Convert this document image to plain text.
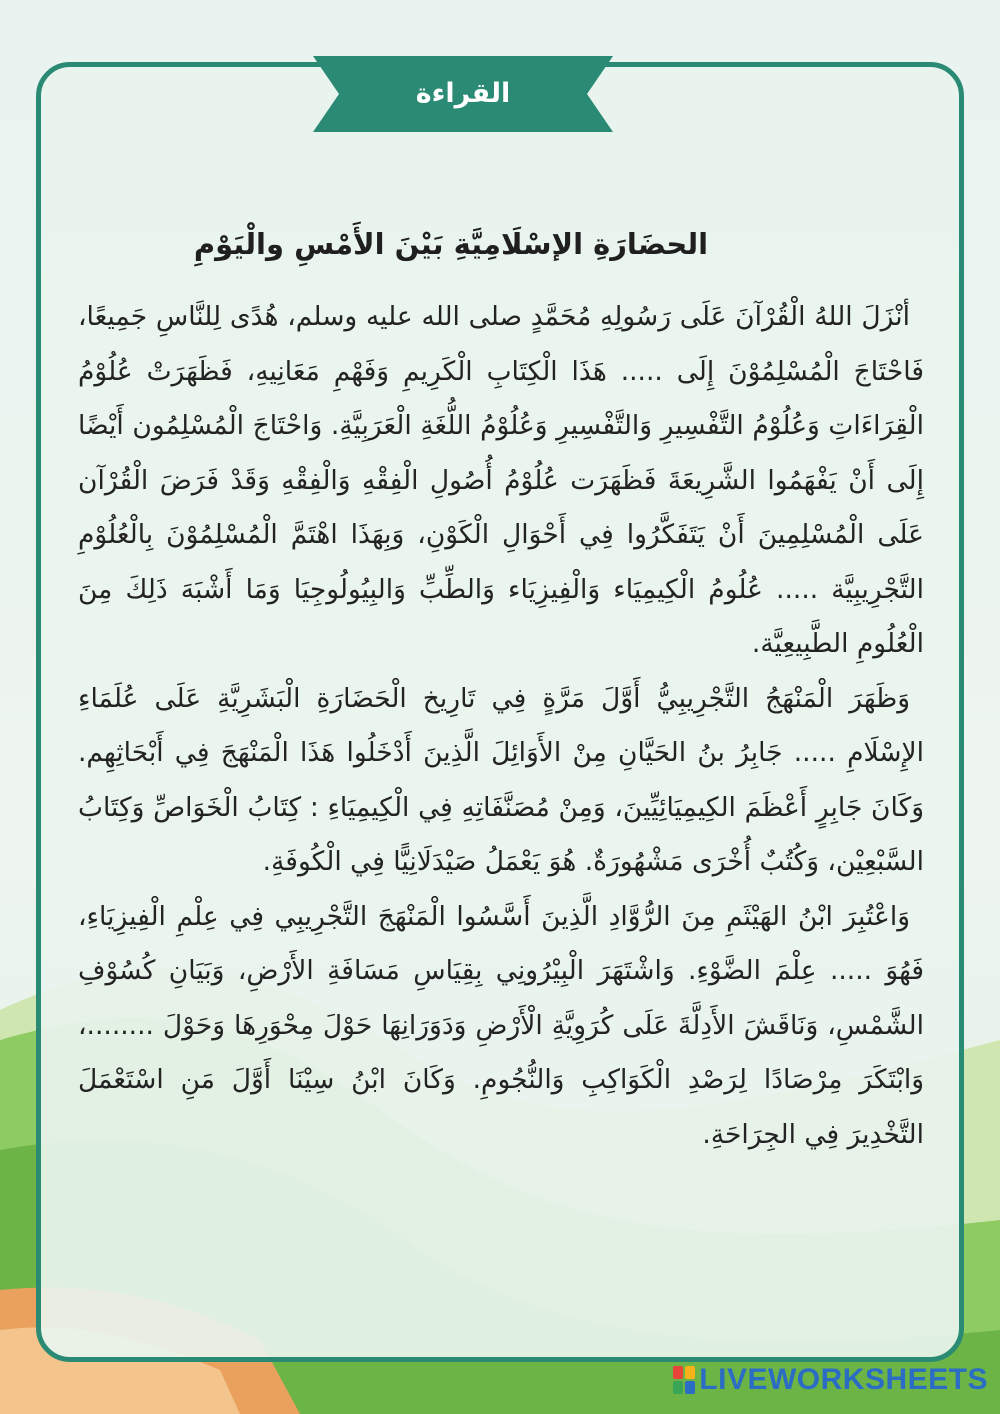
القراءة
الحضَارَةِ الإسْلَامِيَّةِ بَيْنَ الأَمْسِ والْيَوْمِ

أنْزَلَ اللهُ الْقُرْآنَ عَلَى رَسُولِهِ مُحَمَّدٍ صلى الله عليه وسلم، هُدًى لِلنَّاسِ جَمِيعًا، فَاحْتَاجَ الْمُسْلِمُوْنَ إِلَى ..... هَذَا الْكِتَابِ الْكَرِيمِ وَفَهْمِ مَعَانِيهِ، فَظَهَرَتْ عُلُوْمُ الْقِرَاءَاتِ وَعُلُوْمُ التَّفْسِيرِ وَالتَّفْسِيرِ وَعُلُوْمُ اللُّغَةِ الْعَرَبِيَّةِ. وَاحْتَاجَ الْمُسْلِمُون أَيْضًا إِلَى أَنْ يَفْهَمُوا الشَّرِيعَةَ فَظَهَرَت عُلُوْمُ أُصُولِ الْفِقْهِ وَالْفِقْهِ وَقَدْ فَرَضَ الْقُرْآن عَلَى الْمُسْلِمِينَ أَنْ يَتَفَكَّرُوا فِي أَحْوَالِ الْكَوْنِ، وَبِهَذَا اهْتَمَّ الْمُسْلِمُوْنَ بِالْعُلُوْمِ التَّجْرِيبِيَّة ..... عُلُومُ الْكِيمِيَاء وَالْفِيزِيَاء وَالطِّبِّ وَالبِيُولُوجِيَا وَمَا أَشْبَهَ ذَلِكَ مِنَ الْعُلُومِ الطَّبِيعِيَّة.

وَظَهَرَ الْمَنْهَجُ التَّجْرِيبِيُّ أَوَّلَ مَرَّةٍ فِي تَارِيخ الْحَضَارَةِ الْبَشَرِيَّةِ عَلَى عُلَمَاءِ الإِسْلَامِ ..... جَابِرُ بنُ الحَيَّانِ مِنْ الأَوَائِلَ الَّذِينَ أَدْخَلُوا هَذَا الْمَنْهَجَ فِي أَبْحَاثِهِم. وَكَانَ جَابِرٍ أَعْظَمَ الكِيمِيَائِيِّينَ، وَمِنْ مُصَنَّفَاتِهِ فِي الْكِيمِيَاءِ : كِتَابُ الْخَوَاصِّ وَكِتَابُ السَّبْعِيْن، وَكُتُبٌ أُخْرَى مَشْهُورَةٌ. هُوَ يَعْمَلُ صَيْدَلَانِيًّا فِي الْكُوفَةِ.

وَاعْتُبِرَ ابْنُ الهَيْثَمِ مِنَ الرُّوَّادِ الَّذِينَ أَسَّسُوا الْمَنْهَجَ التَّجْرِيبِي فِي عِلْمِ الْفِيزِيَاءِ، فَهُوَ ..... عِلْمَ الضَّوْءِ. وَاشْتَهَرَ الْبِيْرُونِي بِقِيَاسِ مَسَافَةِ الأَرْضِ، وَبَيَانِ كُسُوْفِ الشَّمْسِ، وَنَاقَشَ الأَدِلَّةَ عَلَى كُرَوِيَّةِ الْأَرْضِ وَدَوَرَانِهَا حَوْلَ مِحْوَرِهَا وَحَوْلَ ........، وَابْتَكَرَ مِرْصَادًا لِرَصْدِ الْكَوَاكِبِ وَالنُّجُومِ. وَكَانَ ابْنُ سِيْنَا أَوَّلَ مَنِ اسْتَعْمَلَ التَّخْدِيرَ فِي الجِرَاحَةِ.

LIVEWORKSHEETS
